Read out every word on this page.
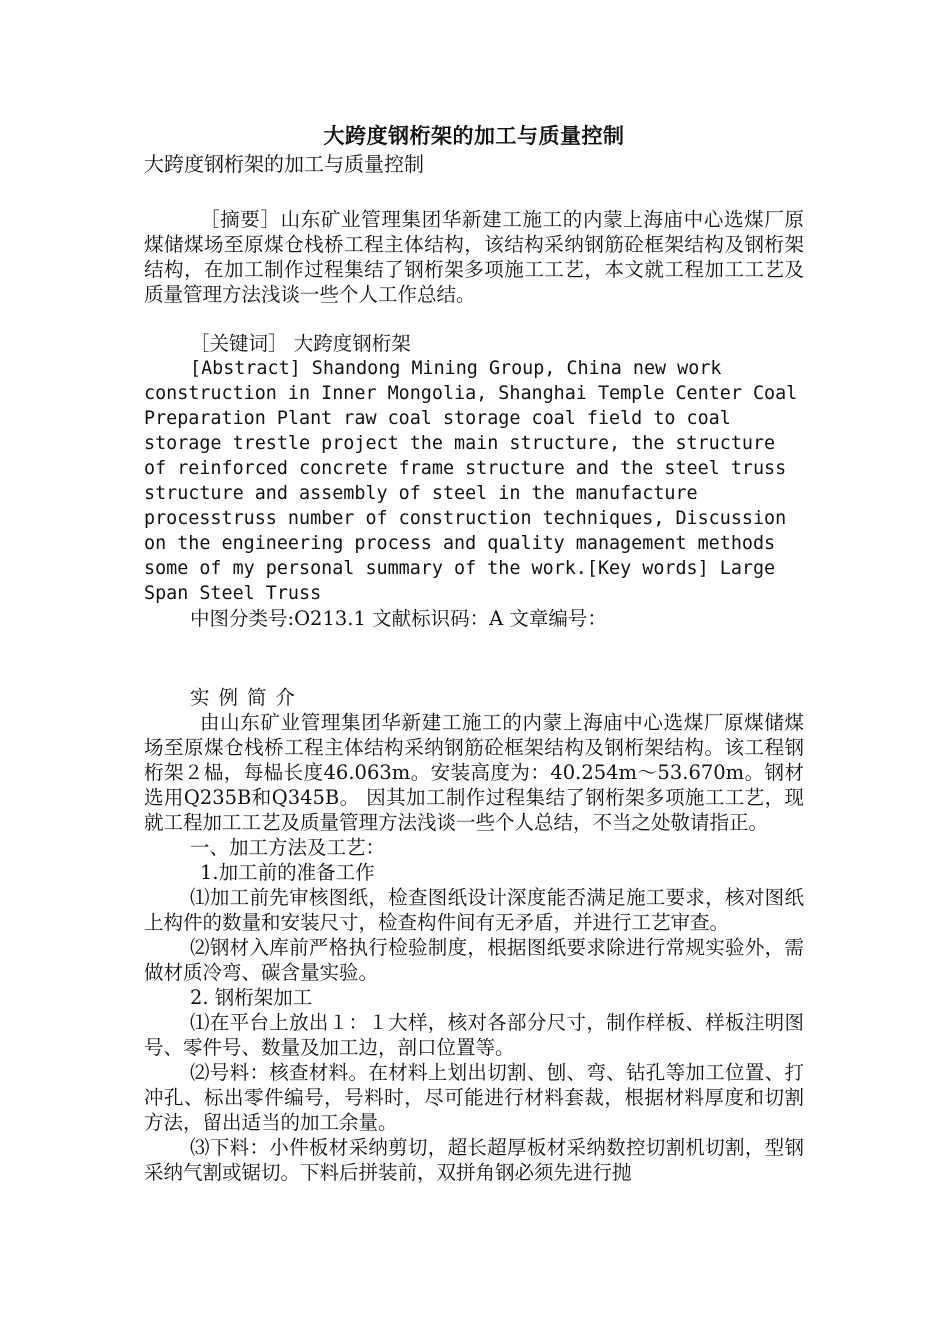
大跨度钢桁架的加工与质量控制
大跨度钢桁架的加工与质量控制

［摘要］山东矿业管理集团华新建工施工的内蒙上海庙中心选煤厂原煤储煤场至原煤仓栈桥工程主体结构，该结构采纳钢筋砼框架结构及钢桁架结构，在加工制作过程集结了钢桁架多项施工工艺，本文就工程加工工艺及质量管理方法浅谈一些个人工作总结。

［关键词］ 大跨度钢桁架

[Abstract] Shandong Mining Group, China new work construction in Inner Mongolia, Shanghai Temple Center Coal Preparation Plant raw coal storage coal field to coal storage trestle project the main structure, the structure of reinforced concrete frame structure and the steel truss structure and assembly of steel in the manufacture processtruss number of construction techniques, Discussion on the engineering process and quality management methods some of my personal summary of the work.[Key words] Large Span Steel Truss

中图分类号:O213.1 文献标识码：A 文章编号：

实例简介

由山东矿业管理集团华新建工施工的内蒙上海庙中心选煤厂原煤储煤场至原煤仓栈桥工程主体结构采纳钢筋砼框架结构及钢桁架结构。该工程钢桁架２榀，每榀长度46.063m。安装高度为：40.254m～53.670m。钢材选用Q235B和Q345B。 因其加工制作过程集结了钢桁架多项施工工艺，现就工程加工工艺及质量管理方法浅谈一些个人总结，不当之处敬请指正。

一、加工方法及工艺：

1.加工前的准备工作

⑴加工前先审核图纸，检查图纸设计深度能否满足施工要求，核对图纸上构件的数量和安装尺寸，检查构件间有无矛盾，并进行工艺审查。

⑵钢材入库前严格执行检验制度，根据图纸要求除进行常规实验外，需做材质冷弯、碳含量实验。

2. 钢桁架加工

⑴在平台上放出１：１大样，核对各部分尺寸，制作样板、样板注明图号、零件号、数量及加工边，剖口位置等。

⑵号料：核查材料。在材料上划出切割、刨、弯、钻孔等加工位置、打冲孔、标出零件编号，号料时，尽可能进行材料套裁，根据材料厚度和切割方法，留出适当的加工余量。

⑶下料：小件板材采纳剪切，超长超厚板材采纳数控切割机切割，型钢采纳气割或锯切。下料后拼装前，双拼角钢必须先进行抛
